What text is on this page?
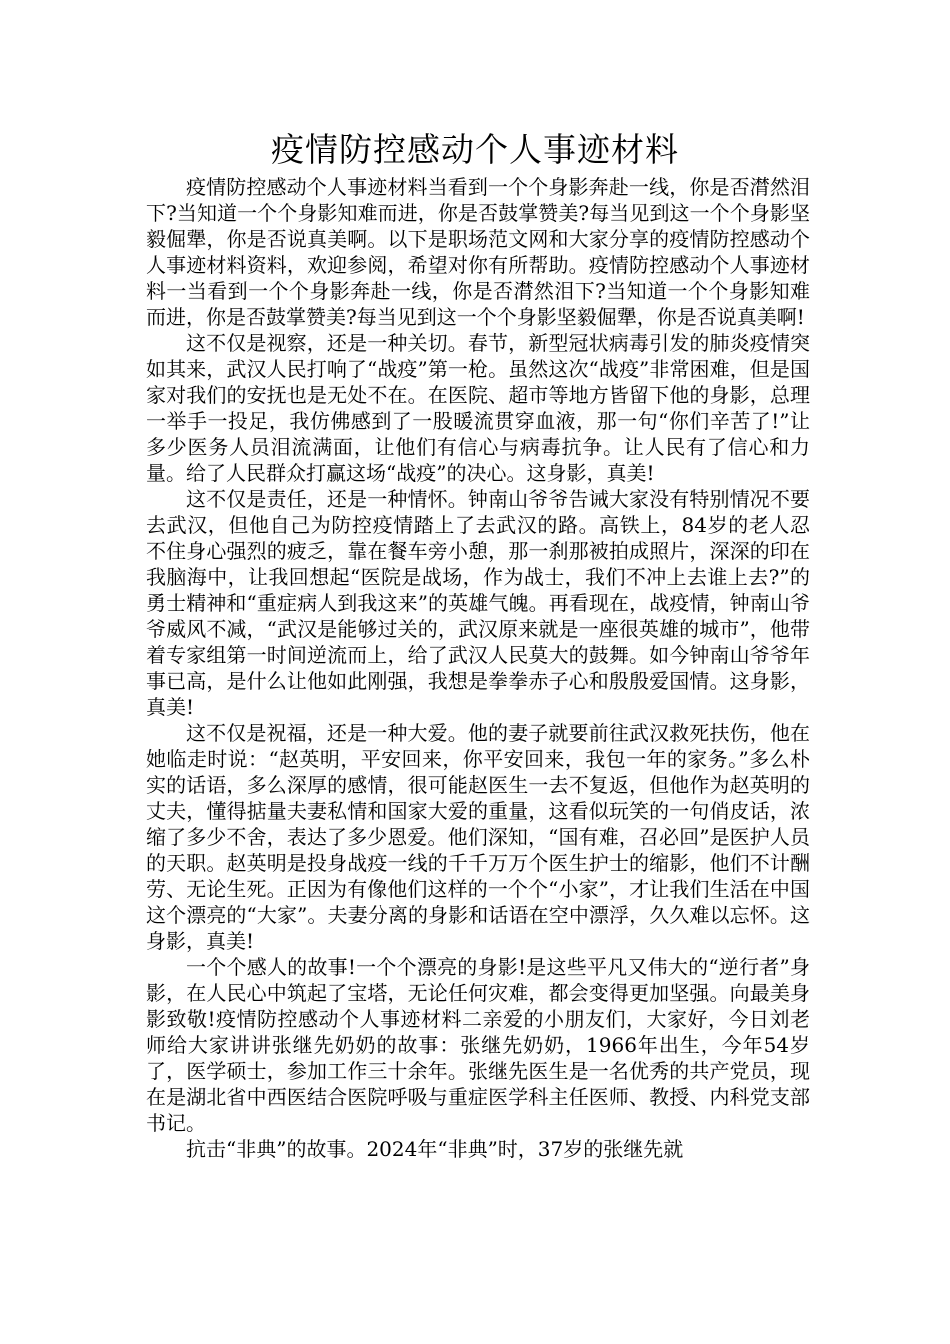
疫情防控感动个人事迹材料

疫情防控感动个人事迹材料当看到一个个身影奔赴一线，你是否潸然泪下?当知道一个个身影知难而进，你是否鼓掌赞美?每当见到这一个个身影坚毅倔犟，你是否说真美啊。以下是职场范文网和大家分享的疫情防控感动个人事迹材料资料，欢迎参阅，希望对你有所帮助。疫情防控感动个人事迹材料一当看到一个个身影奔赴一线，你是否潸然泪下?当知道一个个身影知难而进，你是否鼓掌赞美?每当见到这一个个身影坚毅倔犟，你是否说真美啊!

这不仅是视察，还是一种关切。春节，新型冠状病毒引发的肺炎疫情突如其来，武汉人民打响了“战疫”第一枪。虽然这次“战疫”非常困难，但是国家对我们的安抚也是无处不在。在医院、超市等地方皆留下他的身影，总理一举手一投足，我仿佛感到了一股暖流贯穿血液，那一句“你们辛苦了!”让多少医务人员泪流满面，让他们有信心与病毒抗争。让人民有了信心和力量。给了人民群众打赢这场“战疫”的决心。这身影，真美!

这不仅是责任，还是一种情怀。钟南山爷爷告诫大家没有特别情况不要去武汉，但他自己为防控疫情踏上了去武汉的路。高铁上，84岁的老人忍不住身心强烈的疲乏，靠在餐车旁小憩，那一刹那被拍成照片，深深的印在我脑海中，让我回想起“医院是战场，作为战士，我们不冲上去谁上去?”的勇士精神和“重症病人到我这来”的英雄气魄。再看现在，战疫情，钟南山爷爷威风不减，“武汉是能够过关的，武汉原来就是一座很英雄的城市”，他带着专家组第一时间逆流而上，给了武汉人民莫大的鼓舞。如今钟南山爷爷年事已高，是什么让他如此刚强，我想是拳拳赤子心和殷殷爱国情。这身影，真美!

这不仅是祝福，还是一种大爱。他的妻子就要前往武汉救死扶伤，他在她临走时说：“赵英明，平安回来，你平安回来，我包一年的家务。”多么朴实的话语，多么深厚的感情，很可能赵医生一去不复返，但他作为赵英明的丈夫，懂得掂量夫妻私情和国家大爱的重量，这看似玩笑的一句俏皮话，浓缩了多少不舍，表达了多少恩爱。他们深知，“国有难，召必回”是医护人员的天职。赵英明是投身战疫一线的千千万万个医生护士的缩影，他们不计酬劳、无论生死。正因为有像他们这样的一个个“小家”，才让我们生活在中国这个漂亮的“大家”。夫妻分离的身影和话语在空中漂浮，久久难以忘怀。这身影，真美!

一个个感人的故事!一个个漂亮的身影!是这些平凡又伟大的“逆行者”身影，在人民心中筑起了宝塔，无论任何灾难，都会变得更加坚强。向最美身影致敬!疫情防控感动个人事迹材料二亲爱的小朋友们，大家好，今日刘老师给大家讲讲张继先奶奶的故事：张继先奶奶，1966年出生，今年54岁了，医学硕士，参加工作三十余年。张继先医生是一名优秀的共产党员，现在是湖北省中西医结合医院呼吸与重症医学科主任医师、教授、内科党支部书记。

抗击“非典”的故事。2024年“非典”时，37岁的张继先就
